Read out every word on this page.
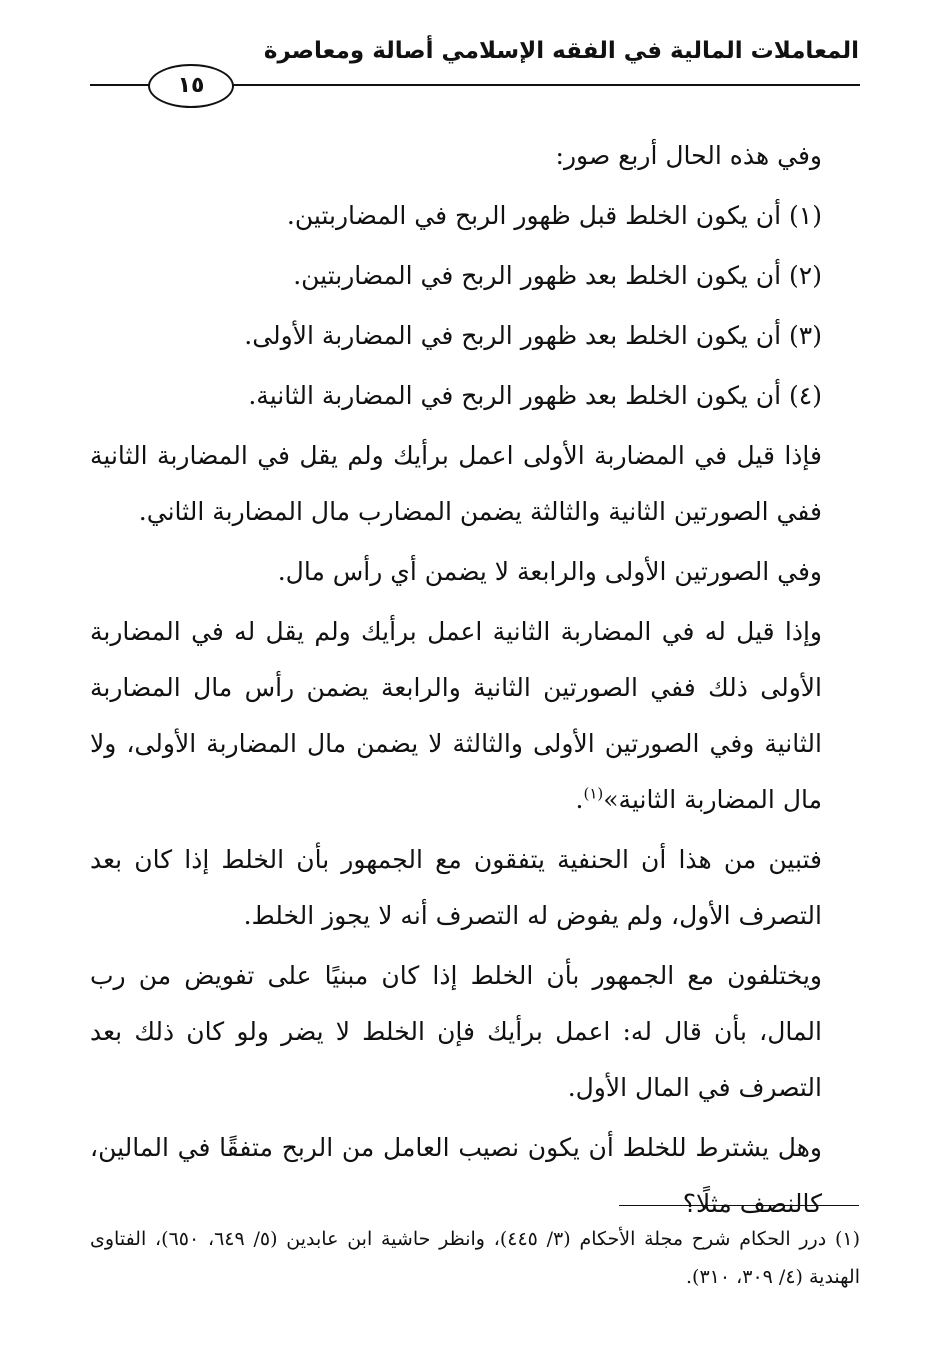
المعاملات المالية في الفقه الإسلامي أصالة ومعاصرة
١٥

وفي هذه الحال أربع صور:

(١) أن يكون الخلط قبل ظهور الربح في المضاربتين.

(٢) أن يكون الخلط بعد ظهور الربح في المضاربتين.

(٣) أن يكون الخلط بعد ظهور الربح في المضاربة الأولى.

(٤) أن يكون الخلط بعد ظهور الربح في المضاربة الثانية.

فإذا قيل في المضاربة الأولى اعمل برأيك ولم يقل في المضاربة الثانية ففي الصورتين الثانية والثالثة يضمن المضارب مال المضاربة الثاني.

وفي الصورتين الأولى والرابعة لا يضمن أي رأس مال.

وإذا قيل له في المضاربة الثانية اعمل برأيك ولم يقل له في المضاربة الأولى ذلك ففي الصورتين الثانية والرابعة يضمن رأس مال المضاربة الثانية وفي الصورتين الأولى والثالثة لا يضمن مال المضاربة الأولى، ولا مال المضاربة الثانية»$^{(١)}$.

فتبين من هذا أن الحنفية يتفقون مع الجمهور بأن الخلط إذا كان بعد التصرف الأول، ولم يفوض له التصرف أنه لا يجوز الخلط.

ويختلفون مع الجمهور بأن الخلط إذا كان مبنيًا على تفويض من رب المال، بأن قال له: اعمل برأيك فإن الخلط لا يضر ولو كان ذلك بعد التصرف في المال الأول.

وهل يشترط للخلط أن يكون نصيب العامل من الربح متفقًا في المالين، كالنصف مثلًا؟

(١) درر الحكام شرح مجلة الأحكام (٣/ ٤٤٥)، وانظر حاشية ابن عابدين (٥/ ٦٤٩، ٦٥٠)، الفتاوى الهندية (٤/ ٣٠٩، ٣١٠).
